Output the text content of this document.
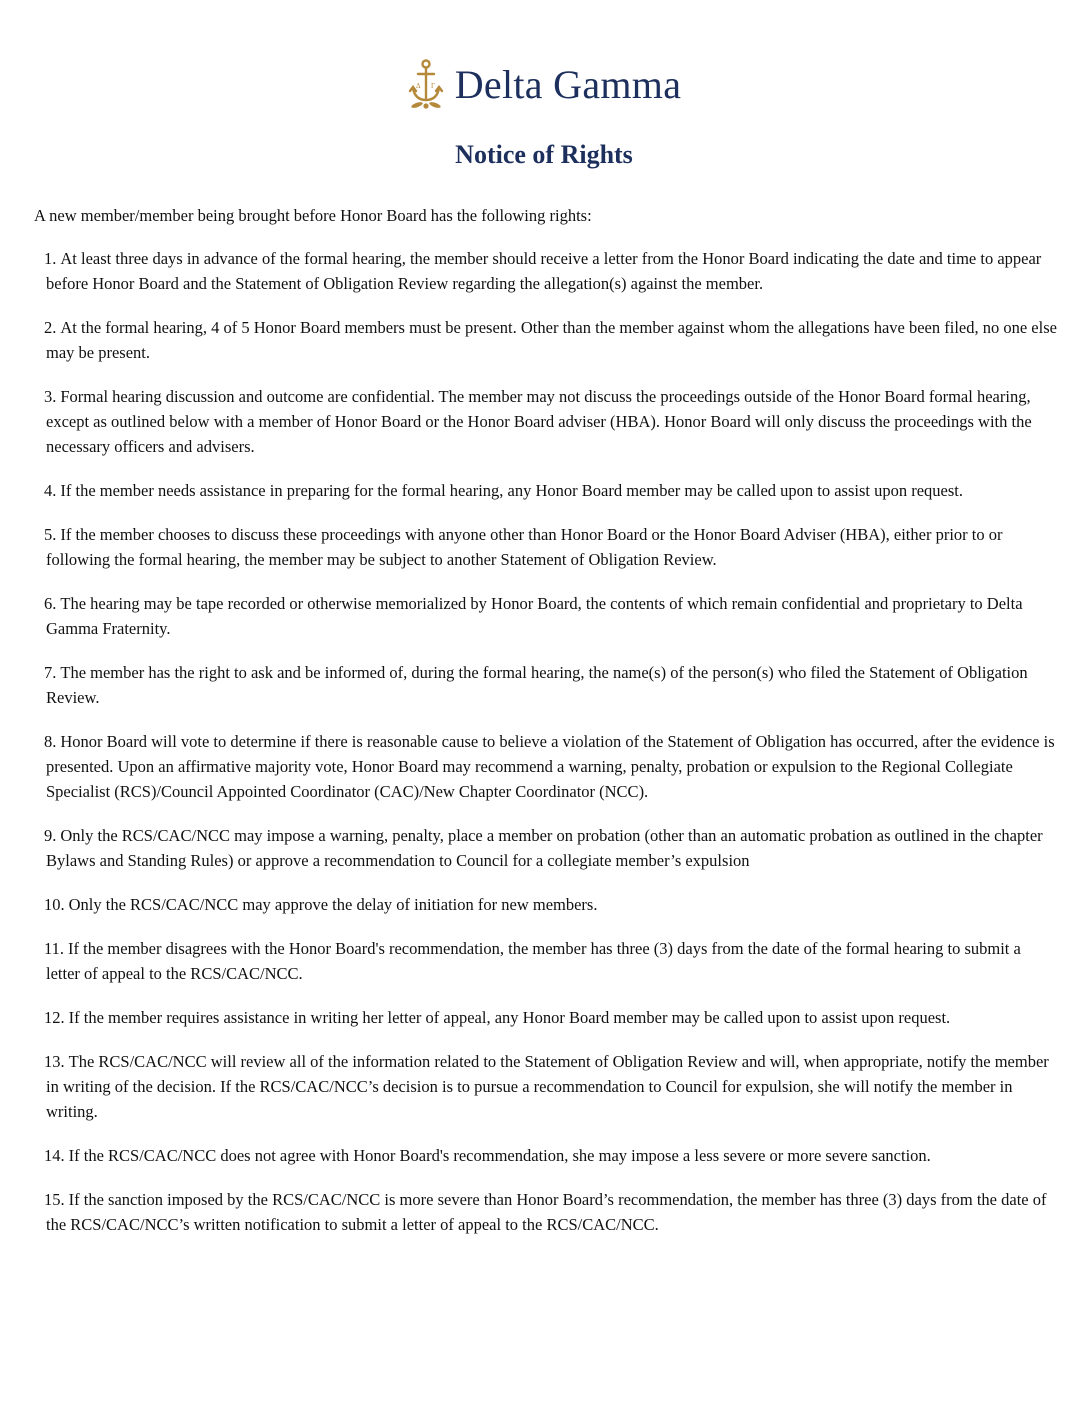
Δ Γ Delta Gamma
Notice of Rights
A new member/member being brought before Honor Board has the following rights:
1. At least three days in advance of the formal hearing, the member should receive a letter from the Honor Board indicating the date and time to appear before Honor Board and the Statement of Obligation Review regarding the allegation(s) against the member.
2. At the formal hearing, 4 of 5 Honor Board members must be present. Other than the member against whom the allegations have been filed, no one else may be present.
3. Formal hearing discussion and outcome are confidential. The member may not discuss the proceedings outside of the Honor Board formal hearing, except as outlined below with a member of Honor Board or the Honor Board adviser (HBA). Honor Board will only discuss the proceedings with the necessary officers and advisers.
4. If the member needs assistance in preparing for the formal hearing, any Honor Board member may be called upon to assist upon request.
5. If the member chooses to discuss these proceedings with anyone other than Honor Board or the Honor Board Adviser (HBA), either prior to or following the formal hearing, the member may be subject to another Statement of Obligation Review.
6. The hearing may be tape recorded or otherwise memorialized by Honor Board, the contents of which remain confidential and proprietary to Delta Gamma Fraternity.
7. The member has the right to ask and be informed of, during the formal hearing, the name(s) of the person(s) who filed the Statement of Obligation Review.
8. Honor Board will vote to determine if there is reasonable cause to believe a violation of the Statement of Obligation has occurred, after the evidence is presented. Upon an affirmative majority vote, Honor Board may recommend a warning, penalty, probation or expulsion to the Regional Collegiate Specialist (RCS)/Council Appointed Coordinator (CAC)/New Chapter Coordinator (NCC).
9. Only the RCS/CAC/NCC may impose a warning, penalty, place a member on probation (other than an automatic probation as outlined in the chapter Bylaws and Standing Rules) or approve a recommendation to Council for a collegiate member’s expulsion
10. Only the RCS/CAC/NCC may approve the delay of initiation for new members.
11. If the member disagrees with the Honor Board's recommendation, the member has three (3) days from the date of the formal hearing to submit a letter of appeal to the RCS/CAC/NCC.
12. If the member requires assistance in writing her letter of appeal, any Honor Board member may be called upon to assist upon request.
13. The RCS/CAC/NCC will review all of the information related to the Statement of Obligation Review and will, when appropriate, notify the member in writing of the decision. If the RCS/CAC/NCC’s decision is to pursue a recommendation to Council for expulsion, she will notify the member in writing.
14. If the RCS/CAC/NCC does not agree with Honor Board's recommendation, she may impose a less severe or more severe sanction.
15. If the sanction imposed by the RCS/CAC/NCC is more severe than Honor Board’s recommendation, the member has three (3) days from the date of the RCS/CAC/NCC’s written notification to submit a letter of appeal to the RCS/CAC/NCC.
